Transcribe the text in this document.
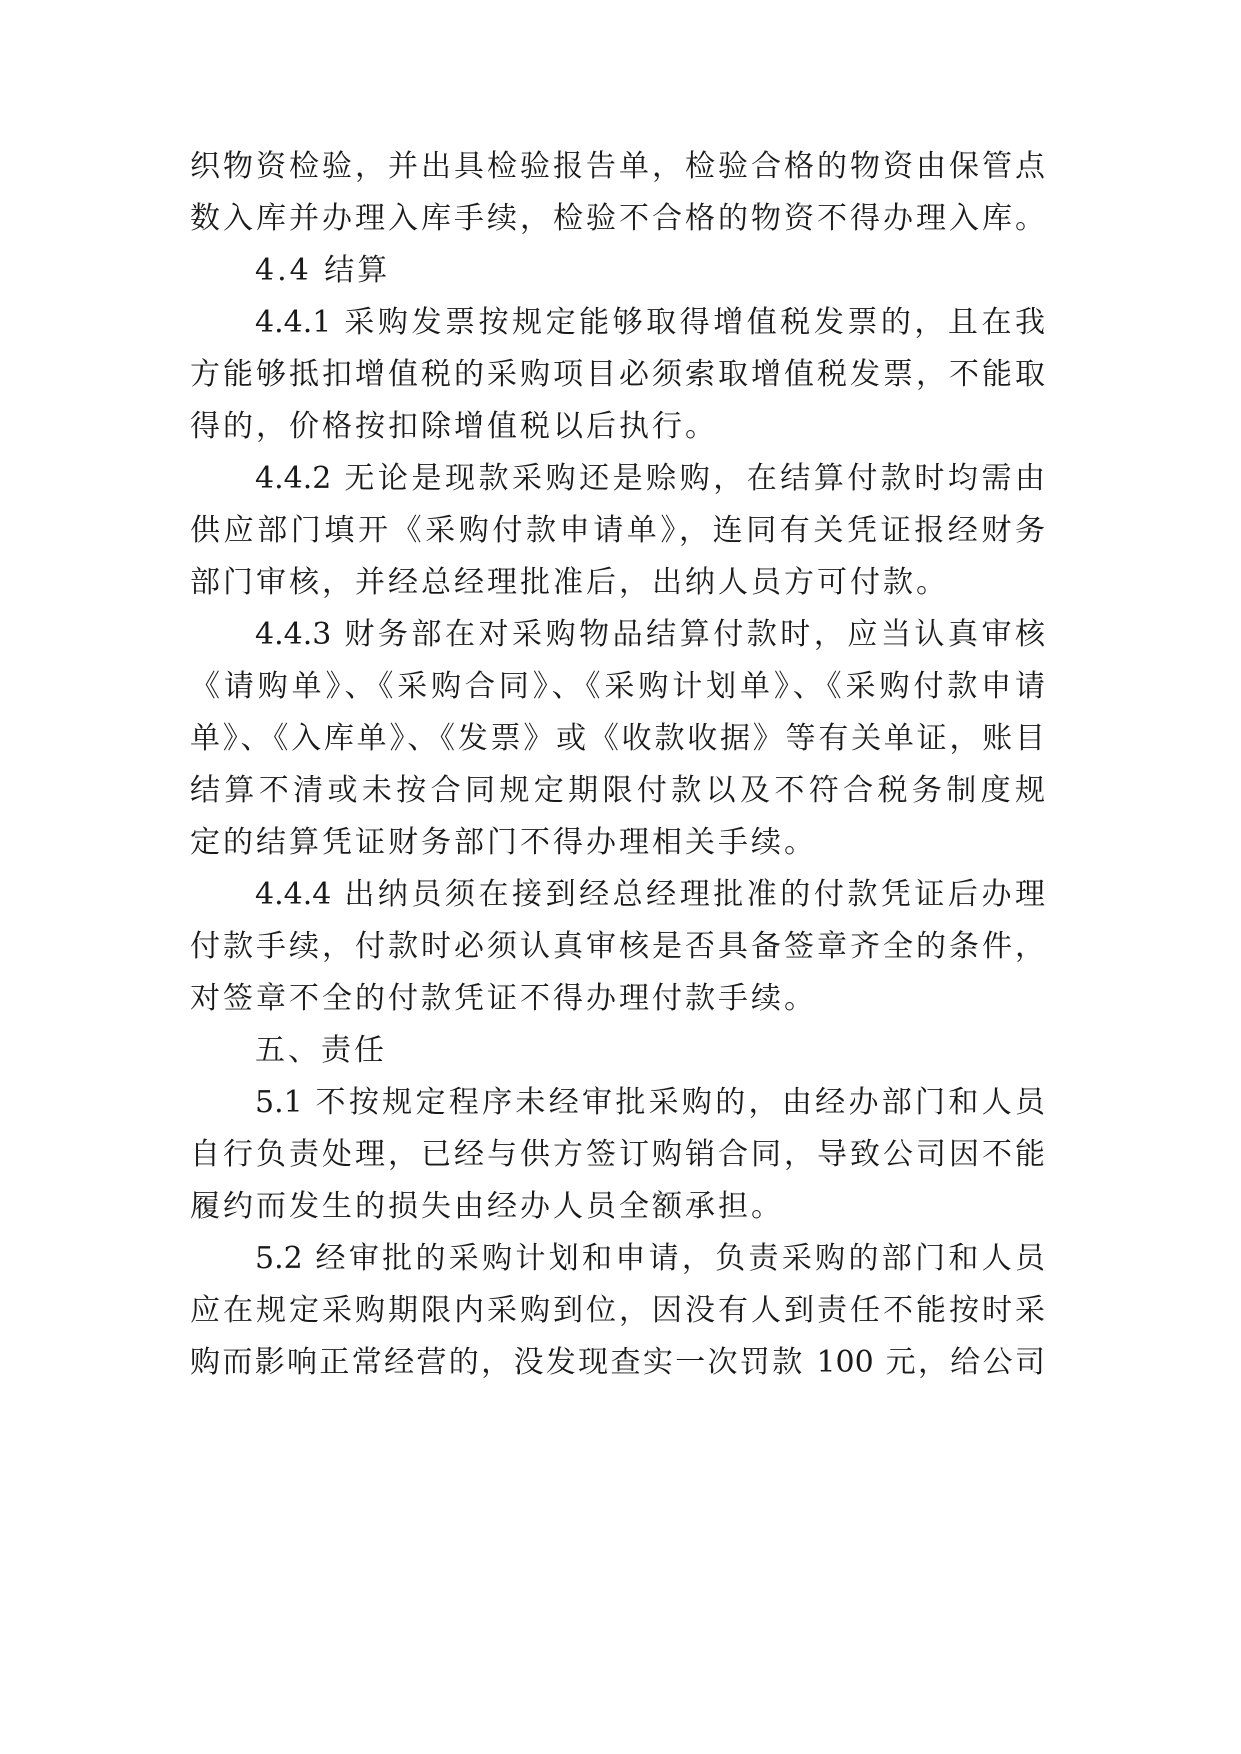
织物资检验，并出具检验报告单，检验合格的物资由保管点
数入库并办理入库手续，检验不合格的物资不得办理入库。
4.4 结算
4.4.1 采购发票按规定能够取得增值税发票的，且在我
方能够抵扣增值税的采购项目必须索取增值税发票，不能取
得的，价格按扣除增值税以后执行。
4.4.2 无论是现款采购还是赊购，在结算付款时均需由
供应部门填开《采购付款申请单》，连同有关凭证报经财务
部门审核，并经总经理批准后，出纳人员方可付款。
4.4.3 财务部在对采购物品结算付款时，应当认真审核
《请购单》、《采购合同》、《采购计划单》、《采购付款申请
单》、《入库单》、《发票》或《收款收据》等有关单证，账目
结算不清或未按合同规定期限付款以及不符合税务制度规
定的结算凭证财务部门不得办理相关手续。
4.4.4 出纳员须在接到经总经理批准的付款凭证后办理
付款手续，付款时必须认真审核是否具备签章齐全的条件，
对签章不全的付款凭证不得办理付款手续。
五、责任
5.1 不按规定程序未经审批采购的，由经办部门和人员
自行负责处理，已经与供方签订购销合同，导致公司因不能
履约而发生的损失由经办人员全额承担。
5.2 经审批的采购计划和申请，负责采购的部门和人员
应在规定采购期限内采购到位，因没有人到责任不能按时采
购而影响正常经营的，没发现查实一次罚款 100 元，给公司
